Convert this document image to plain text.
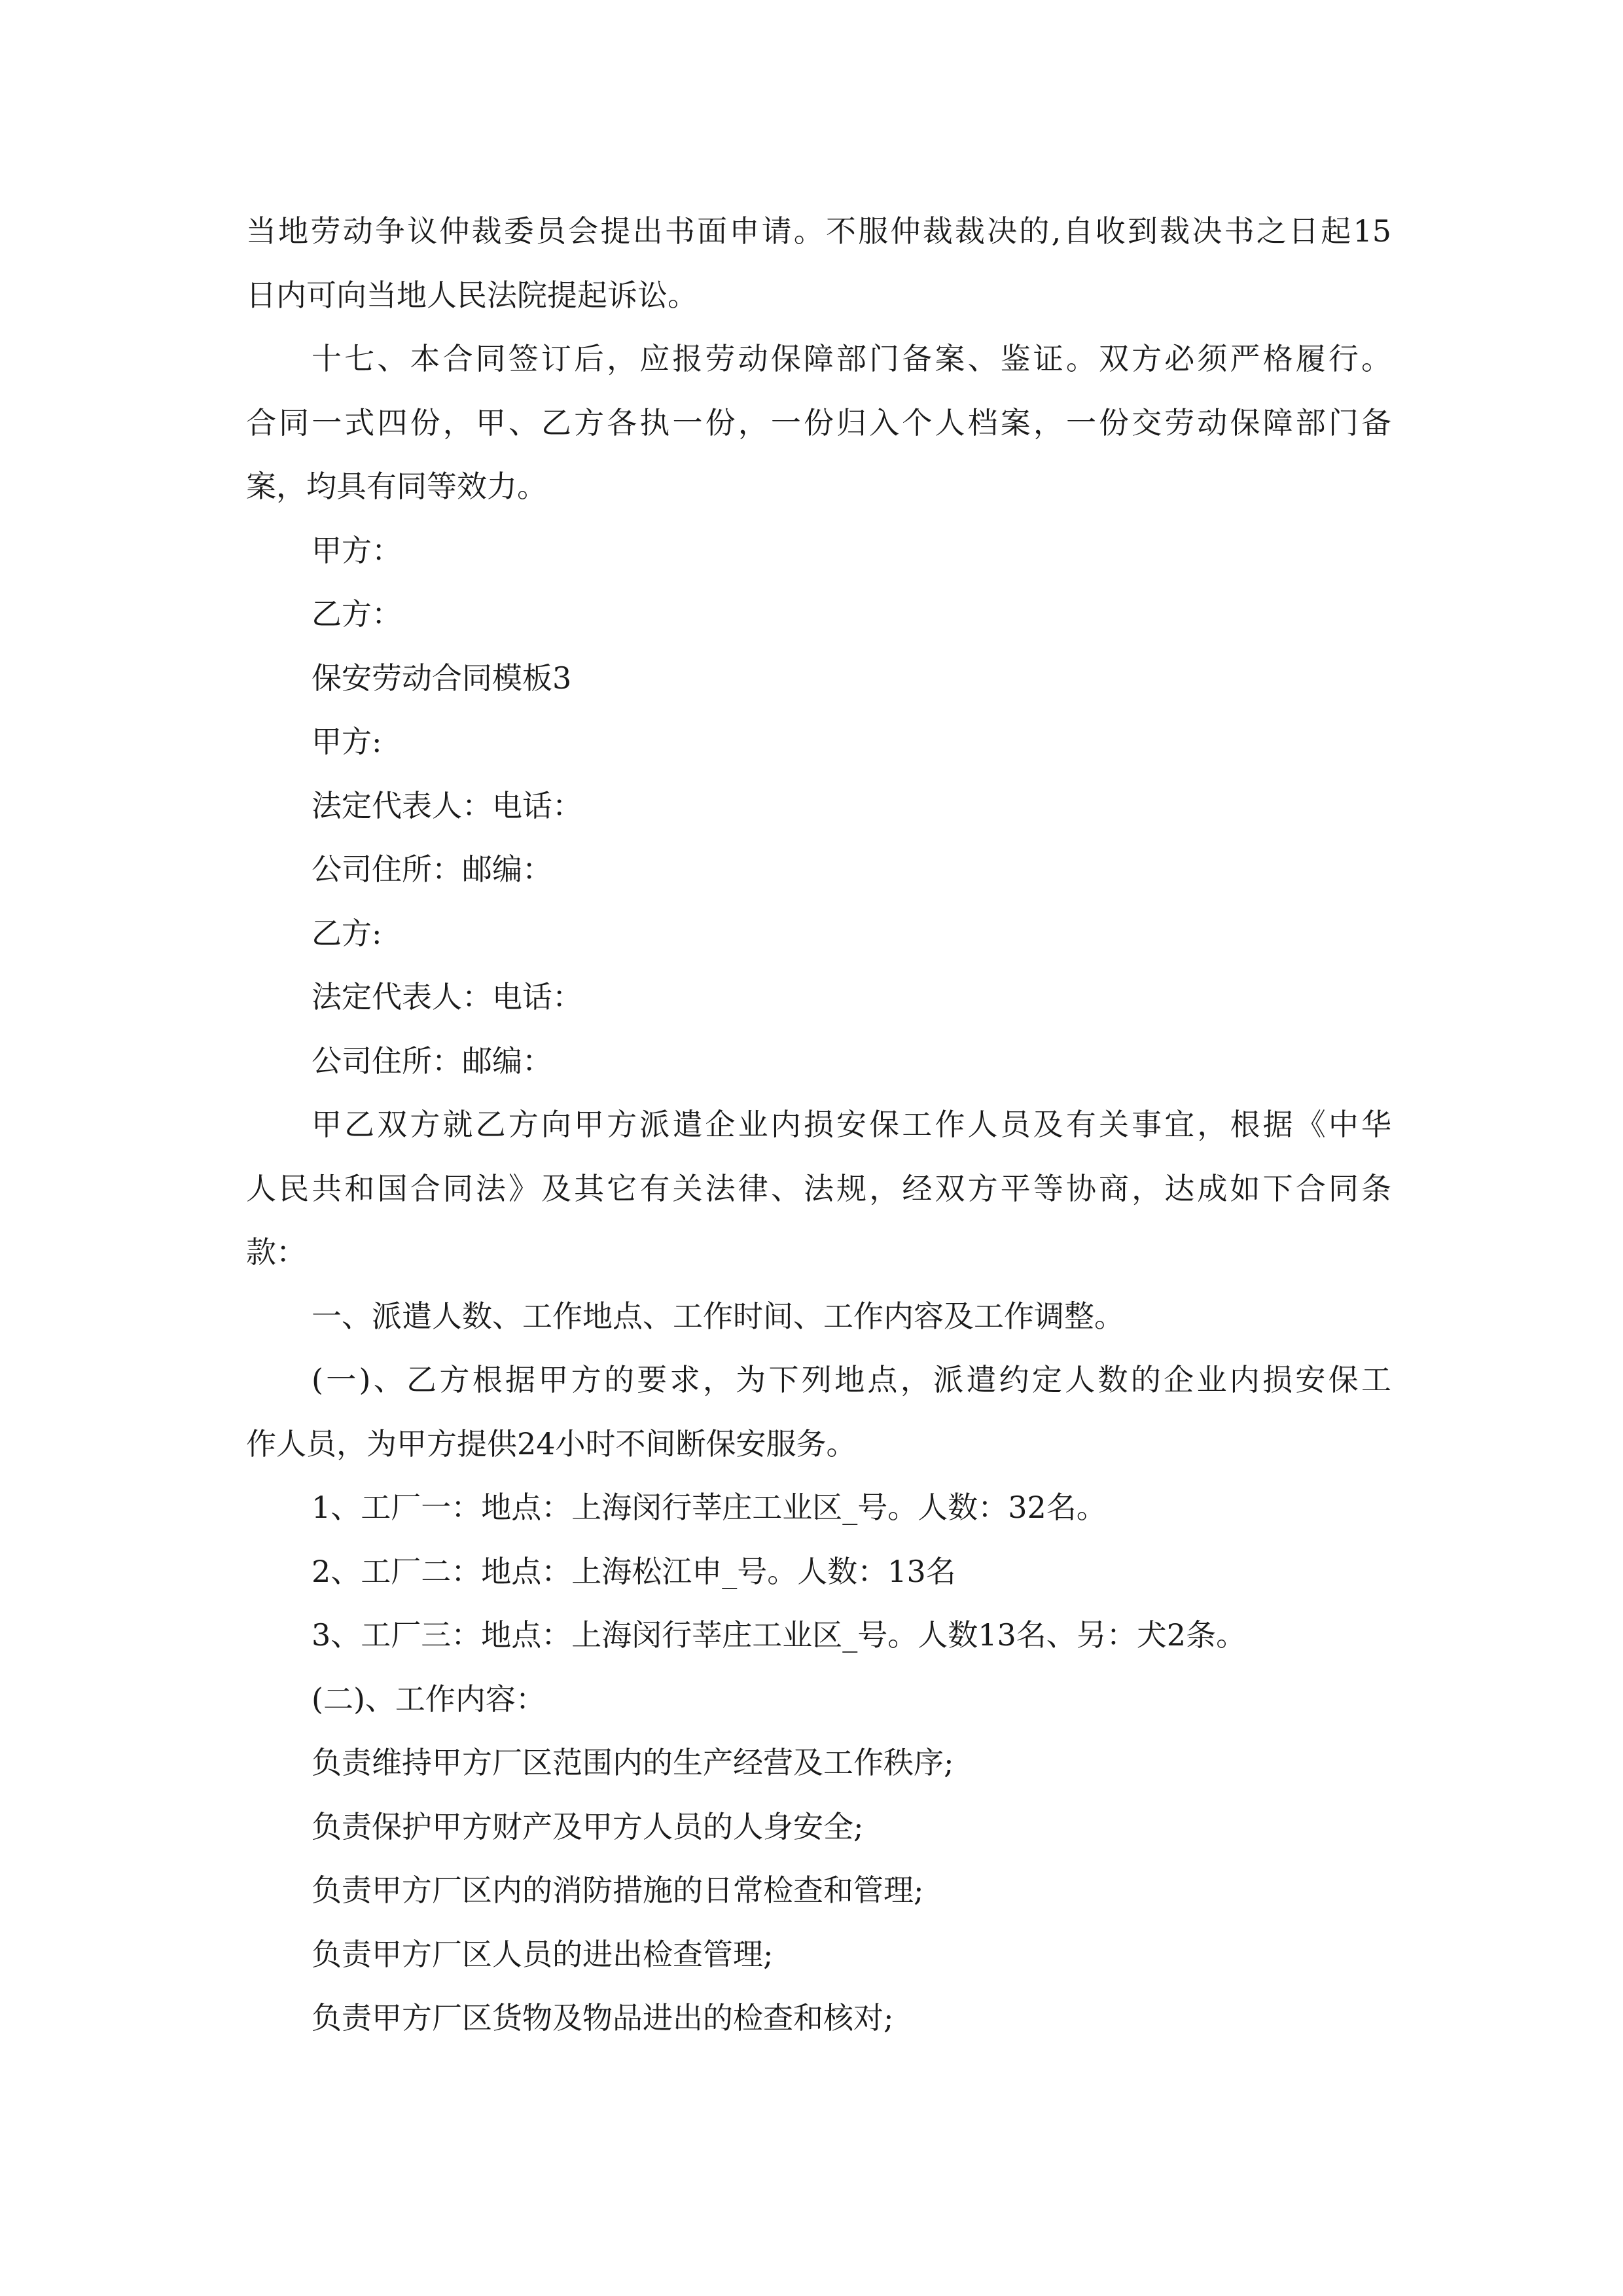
当地劳动争议仲裁委员会提出书面申请。不服仲裁裁决的,自收到裁决书之日起15
日内可向当地人民法院提起诉讼。
十七、本合同签订后，应报劳动保障部门备案、鉴证。双方必须严格履行。
合同一式四份，甲、乙方各执一份，一份归入个人档案，一份交劳动保障部门备
案，均具有同等效力。
甲方：
乙方：
保安劳动合同模板3
甲方:
法定代表人：电话：
公司住所：邮编：
乙方:
法定代表人：电话：
公司住所：邮编：
甲乙双方就乙方向甲方派遣企业内损安保工作人员及有关事宜，根据《中华
人民共和国合同法》及其它有关法律、法规，经双方平等协商，达成如下合同条
款：
一、派遣人数、工作地点、工作时间、工作内容及工作调整。
(一)、乙方根据甲方的要求，为下列地点，派遣约定人数的企业内损安保工
作人员，为甲方提供24小时不间断保安服务。
1、工厂一：地点：上海闵行莘庄工业区_号。人数：32名。
2、工厂二：地点：上海松江申_号。人数：13名
3、工厂三：地点：上海闵行莘庄工业区_号。人数13名、另：犬2条。
(二)、工作内容：
负责维持甲方厂区范围内的生产经营及工作秩序;
负责保护甲方财产及甲方人员的人身安全;
负责甲方厂区内的消防措施的日常检查和管理;
负责甲方厂区人员的进出检查管理;
负责甲方厂区货物及物品进出的检查和核对;
